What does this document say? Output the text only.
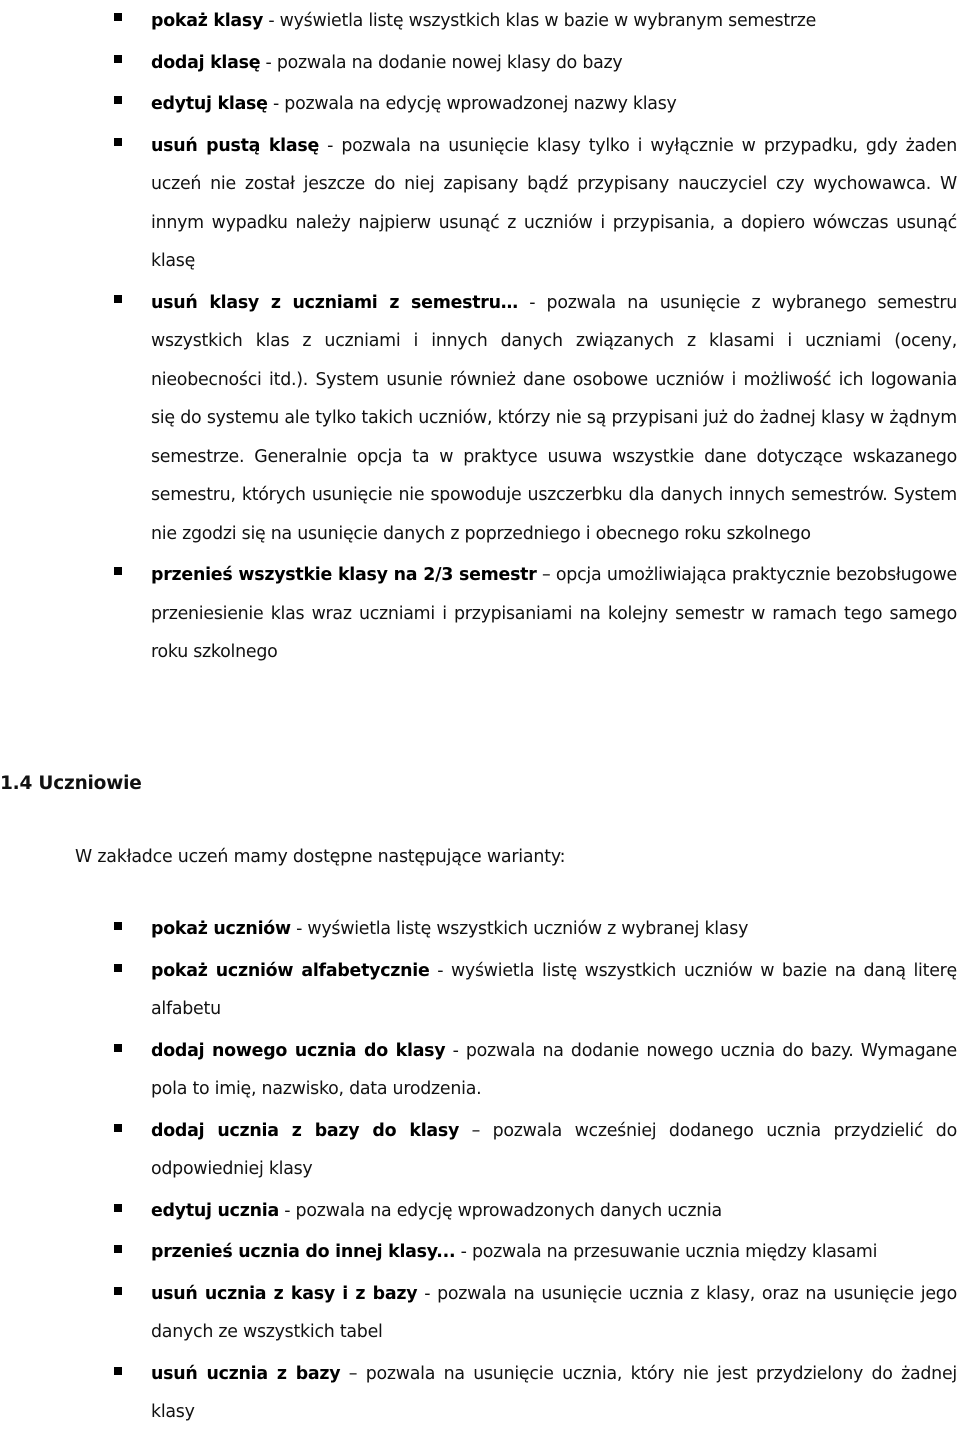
pokaż klasy - wyświetla listę wszystkich klas w bazie w wybranym semestrze
dodaj klasę - pozwala na dodanie nowej klasy do bazy
edytuj klasę - pozwala na edycję wprowadzonej nazwy klasy
usuń pustą klasę - pozwala na usunięcie klasy tylko i wyłącznie w przypadku, gdy żaden uczeń nie został jeszcze do niej zapisany bądź przypisany nauczyciel czy wychowawca. W innym wypadku należy najpierw usunąć z uczniów i przypisania, a dopiero wówczas usunąć klasę
usuń klasy z uczniami z semestru… - pozwala na usunięcie z wybranego semestru wszystkich klas z uczniami i innych danych związanych z klasami i uczniami (oceny, nieobecności itd.). System usunie również dane osobowe uczniów i możliwość ich logowania się do systemu ale tylko takich uczniów, którzy nie są przypisani już do żadnej klasy w żądnym semestrze. Generalnie opcja ta w praktyce usuwa wszystkie dane dotyczące wskazanego semestru, których usunięcie nie spowoduje uszczerbku dla danych innych semestrów. System nie zgodzi się na usunięcie danych z poprzedniego i obecnego roku szkolnego
przenieś wszystkie klasy na 2/3 semestr – opcja umożliwiająca praktycznie bezobsługowe przeniesienie klas wraz uczniami i przypisaniami na kolejny semestr w ramach tego samego roku szkolnego
1.4 Uczniowie

W zakładce uczeń mamy dostępne następujące warianty:

pokaż uczniów - wyświetla listę wszystkich uczniów z wybranej klasy
pokaż uczniów alfabetycznie - wyświetla listę wszystkich uczniów w bazie na daną literę alfabetu
dodaj nowego ucznia do klasy - pozwala na dodanie nowego ucznia do bazy. Wymagane pola to imię, nazwisko, data urodzenia.
dodaj ucznia z bazy do klasy – pozwala wcześniej dodanego ucznia przydzielić do odpowiedniej klasy
edytuj ucznia - pozwala na edycję wprowadzonych danych ucznia
przenieś ucznia do innej klasy... - pozwala na przesuwanie ucznia między klasami
usuń ucznia z kasy i z bazy - pozwala na usunięcie ucznia z klasy, oraz na usunięcie jego danych ze wszystkich tabel
usuń ucznia z bazy – pozwala na usunięcie ucznia, który nie jest przydzielony do żadnej klasy
